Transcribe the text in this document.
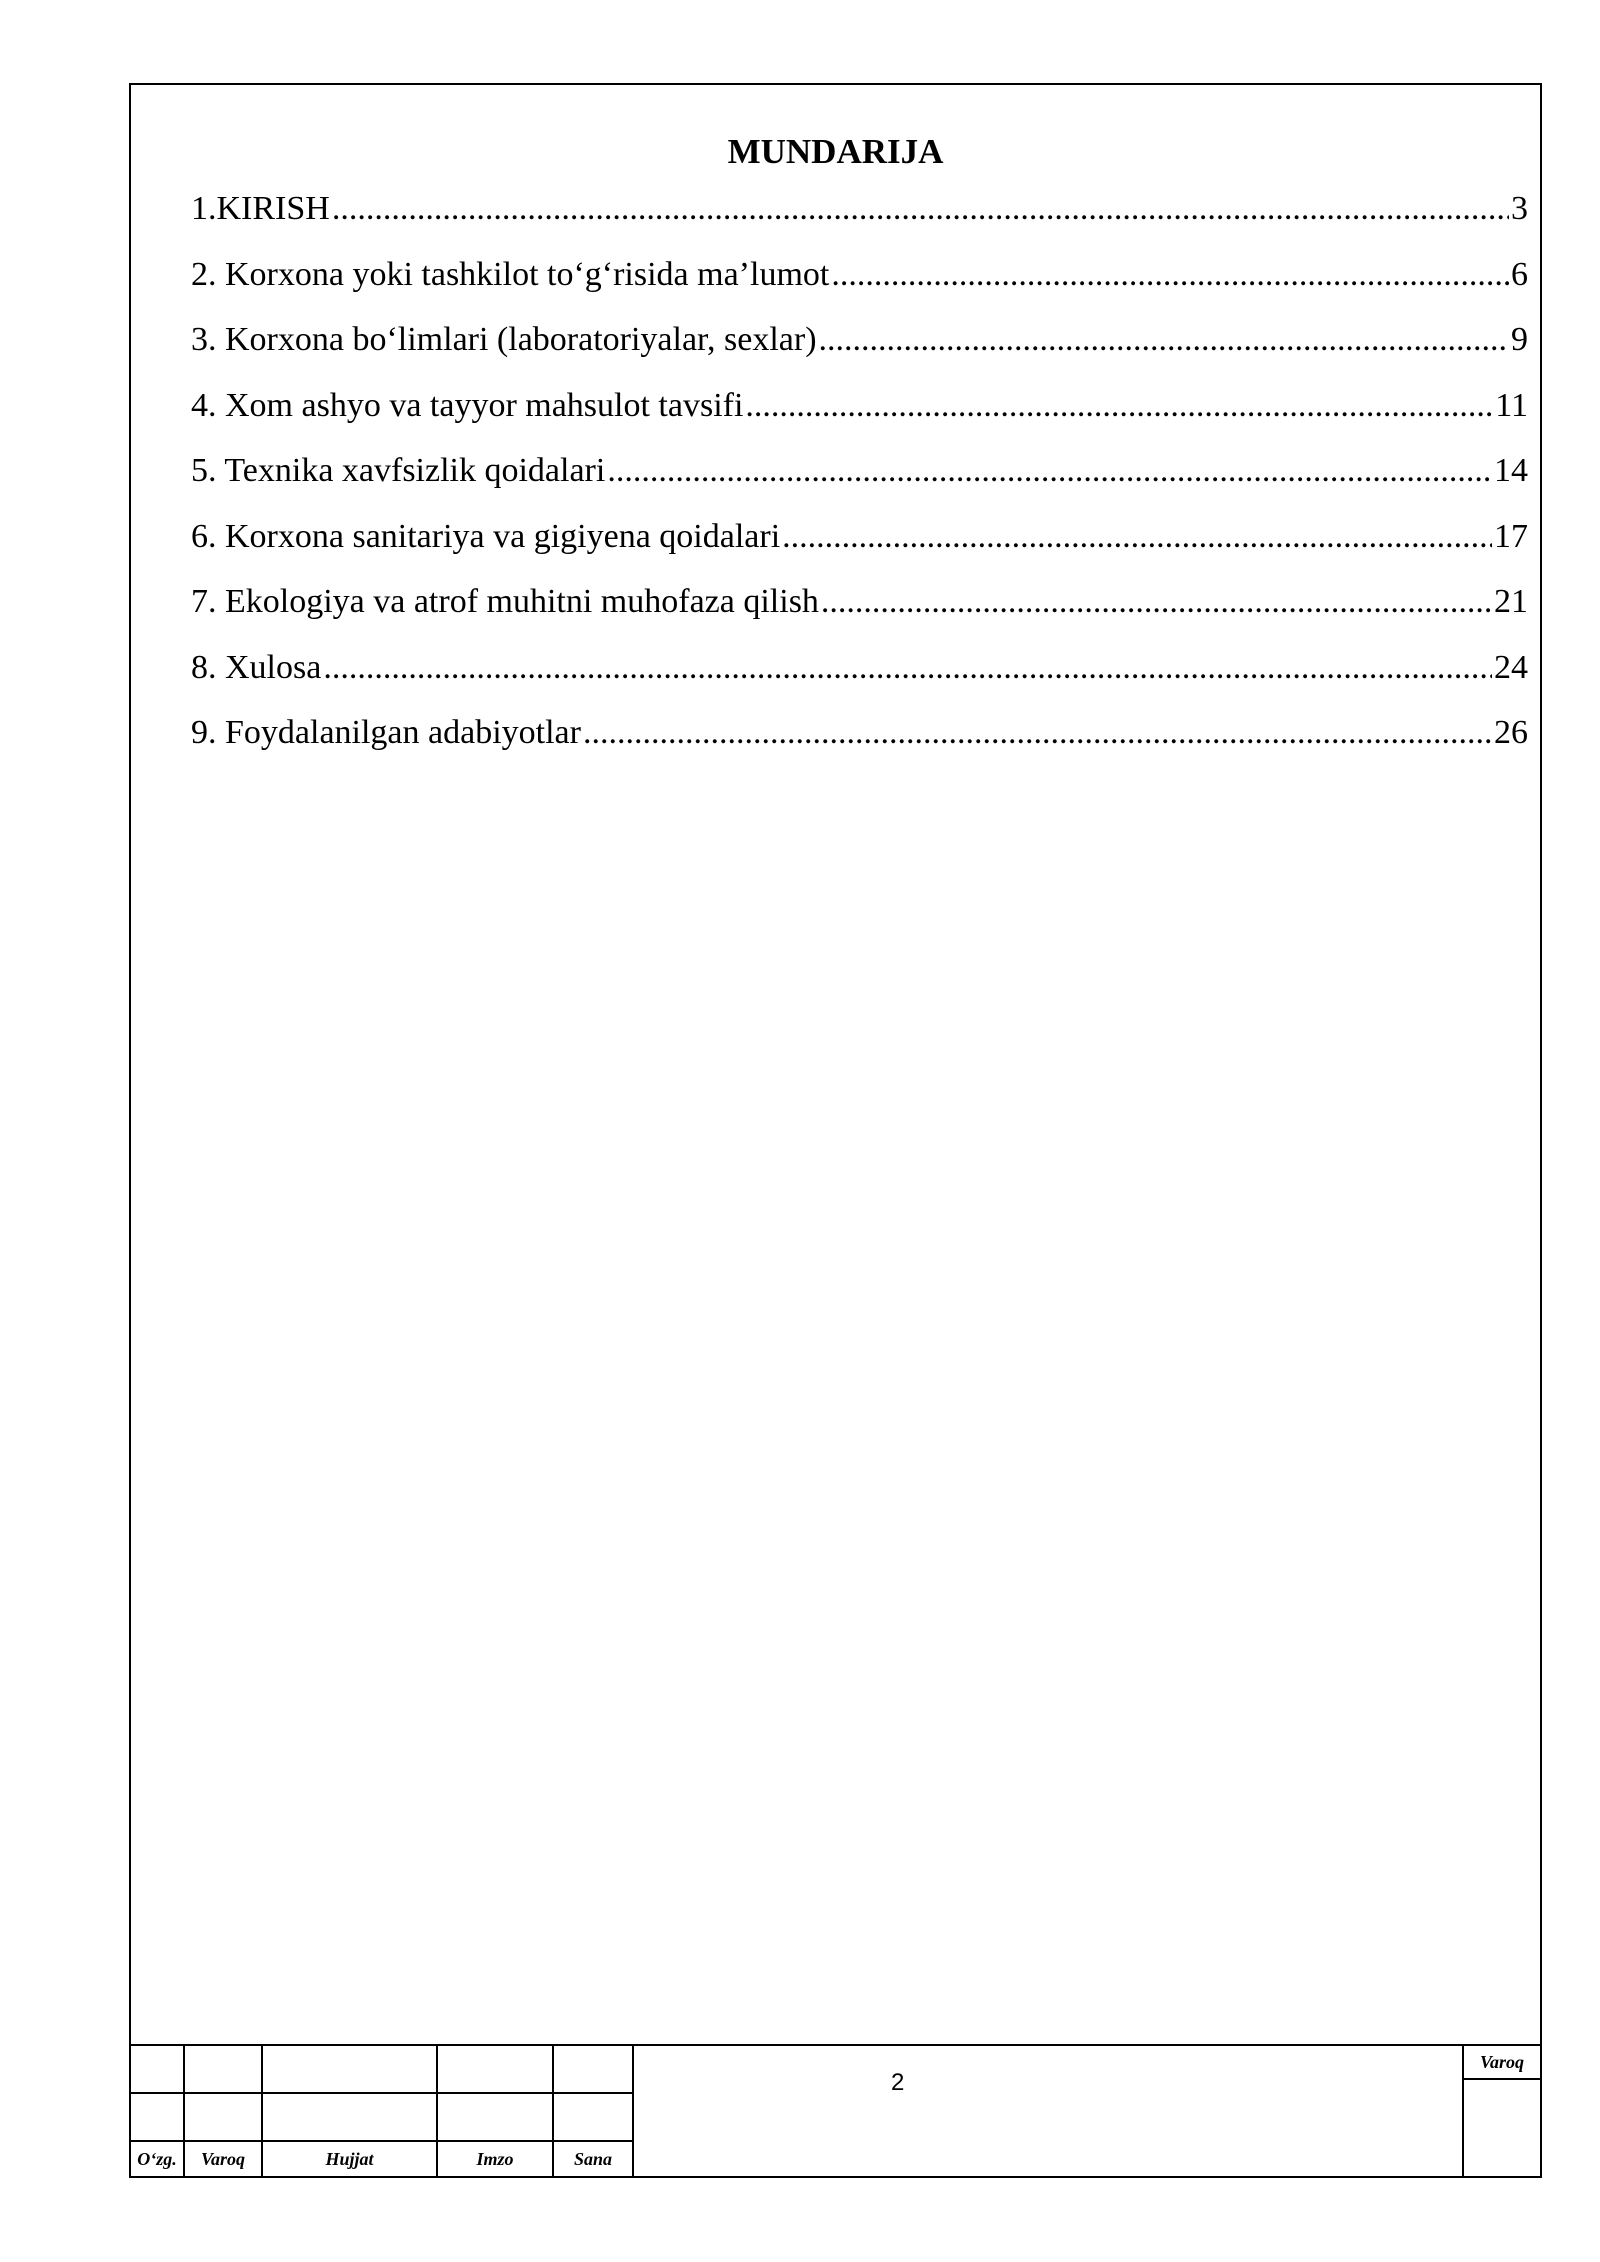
MUNDARIJA
1.KIRISH .....	3
2. Korxona yoki tashkilot to‘g‘risida ma’lumot .....	6
3. Korxona bo‘limlari (laboratoriyalar, sexlar) .....	9
4. Xom ashyo va tayyor mahsulot tavsifi .....	11
5. Texnika xavfsizlik qoidalari .....	14
6. Korxona sanitariya va gigiyena qoidalari .....	17
7. Ekologiya va atrof muhitni muhofaza qilish .....	21
8. Xulosa .....	24
9. Foydalanilgan adabiyotlar .....	26
O‘zg.	Varoq	Hujjat	Imzo	Sana
2
Varoq
